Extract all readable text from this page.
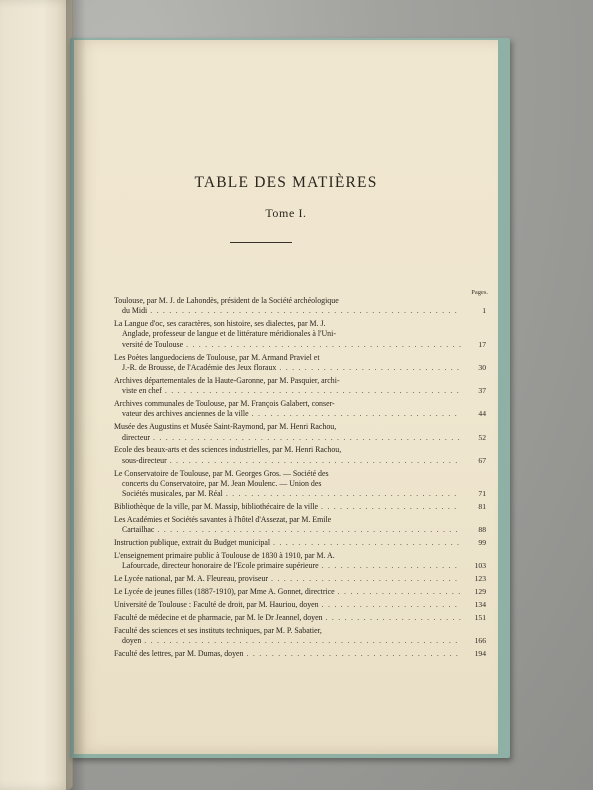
TABLE DES MATIÈRES
Tome I.
Pages.
Toulouse, par M. J. de Lahondès, président de la Société archéologique
du Midi . . .	1
La Langue d'oc, ses caractères, son histoire, ses dialectes, par M. J.
Anglade, professeur de langue et de littérature méridionales à l'Uni-
versité de Toulouse . . .	17
Les Poètes languedociens de Toulouse, par M. Armand Praviel et
J.-R. de Brousse, de l'Académie des Jeux floraux . . .	30
Archives départementales de la Haute-Garonne, par M. Pasquier, archi-
viste en chef . . .	37
Archives communales de Toulouse, par M. François Galabert, conser-
vateur des archives anciennes de la ville . . .	44
Musée des Augustins et Musée Saint-Raymond, par M. Henri Rachou,
directeur . . .	52
Ecole des beaux-arts et des sciences industrielles, par M. Henri Rachou,
sous-directeur . . .	67
Le Conservatoire de Toulouse, par M. Georges Gros. — Société des
concerts du Conservatoire, par M. Jean Moulenc. — Union des
Sociétés musicales, par M. Réal . . .	71
Bibliothèque de la ville, par M. Massip, bibliothécaire de la ville . . .	81
Les Académies et Sociétés savantes à l'hôtel d'Assezat, par M. Emile
Cartailhac . . .	88
Instruction publique, extrait du Budget municipal . . .	99
L'enseignement primaire public à Toulouse de 1830 à 1910, par M. A.
Lafourcade, directeur honoraire de l'Ecole primaire supérieure . . .	103
Le Lycée national, par M. A. Fleureau, proviseur . . .	123
Le Lycée de jeunes filles (1887-1910), par Mme A. Gonnet, directrice . . .	129
Université de Toulouse : Faculté de droit, par M. Hauriou, doyen . . .	134
Faculté de médecine et de pharmacie, par M. le Dr Jeannel, doyen . . .	151
Faculté des sciences et ses instituts techniques, par M. P. Sabatier,
doyen . . .	166
Faculté des lettres, par M. Dumas, doyen . . .	194
